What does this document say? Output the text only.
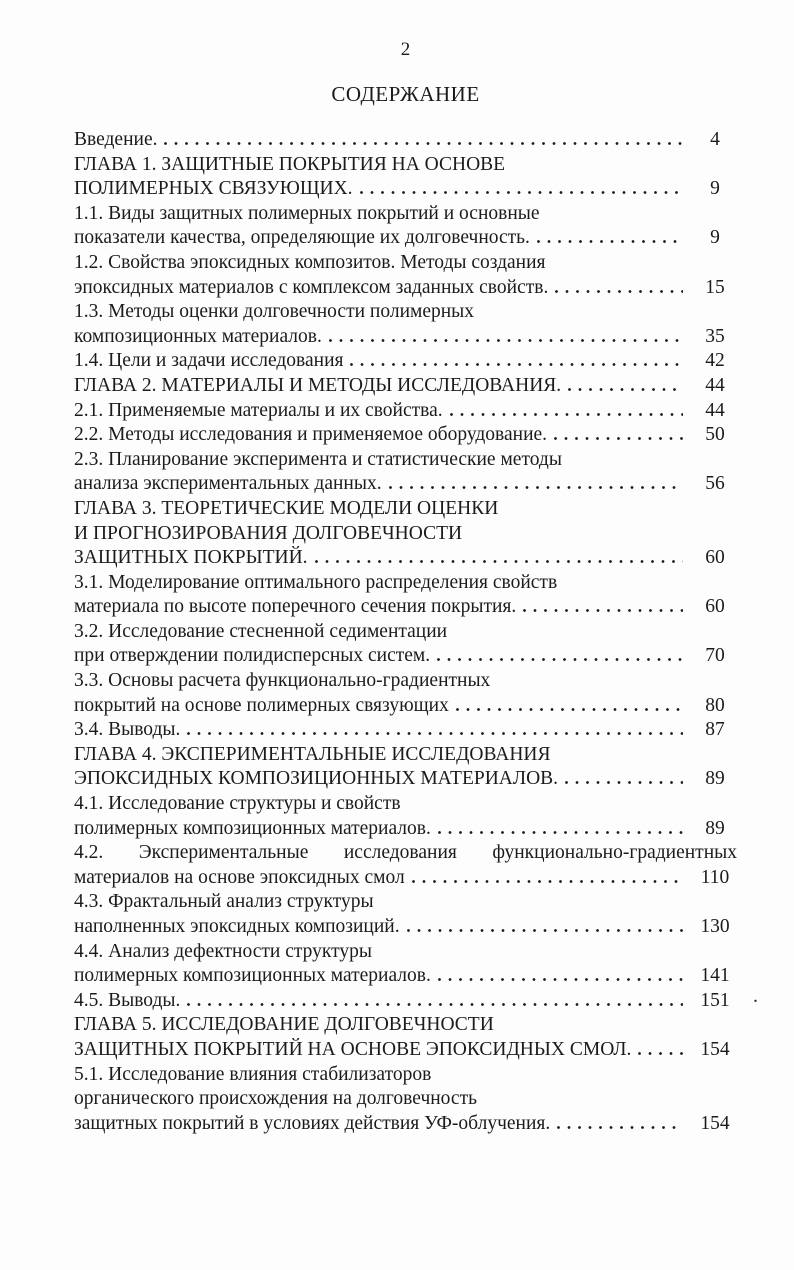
2
СОДЕРЖАНИЕ
Введение.	4
ГЛАВА 1. ЗАЩИТНЫЕ ПОКРЫТИЯ НА ОСНОВЕ
ПОЛИМЕРНЫХ СВЯЗУЮЩИХ.	9
1.1. Виды защитных полимерных покрытий и основные
показатели качества, определяющие их долговечность.	9
1.2. Свойства эпоксидных композитов. Методы создания
эпоксидных материалов с комплексом заданных свойств.	15
1.3. Методы оценки долговечности полимерных
композиционных материалов.	35
1.4. Цели и задачи исследования	42
ГЛАВА 2. МАТЕРИАЛЫ И МЕТОДЫ ИССЛЕДОВАНИЯ.	44
2.1. Применяемые материалы и их свойства.	44
2.2. Методы исследования и применяемое оборудование.	50
2.3. Планирование эксперимента и статистические методы
анализа экспериментальных данных.	56
ГЛАВА 3. ТЕОРЕТИЧЕСКИЕ МОДЕЛИ ОЦЕНКИ
И ПРОГНОЗИРОВАНИЯ ДОЛГОВЕЧНОСТИ
ЗАЩИТНЫХ ПОКРЫТИЙ.	60
3.1. Моделирование оптимального распределения свойств
материала по высоте поперечного сечения покрытия.	60
3.2. Исследование стесненной седиментации
при отверждении полидисперсных систем.	70
3.3. Основы расчета функционально-градиентных
покрытий на основе полимерных связующих	80
3.4. Выводы.	87
ГЛАВА 4. ЭКСПЕРИМЕНТАЛЬНЫЕ ИССЛЕДОВАНИЯ
ЭПОКСИДНЫХ КОМПОЗИЦИОННЫХ МАТЕРИАЛОВ.	89
4.1. Исследование структуры и свойств
полимерных композиционных материалов.	89
4.2. Экспериментальные исследования функционально-градиентных
материалов на основе эпоксидных смол	110
4.3. Фрактальный анализ структуры
наполненных эпоксидных композиций.	130
4.4. Анализ дефектности структуры
полимерных композиционных материалов.	141
4.5. Выводы.	151
ГЛАВА 5. ИССЛЕДОВАНИЕ ДОЛГОВЕЧНОСТИ
ЗАЩИТНЫХ ПОКРЫТИЙ НА ОСНОВЕ ЭПОКСИДНЫХ СМОЛ.	154
5.1. Исследование влияния стабилизаторов
органического происхождения на долговечность
защитных покрытий в условиях действия УФ-облучения.	154
.
